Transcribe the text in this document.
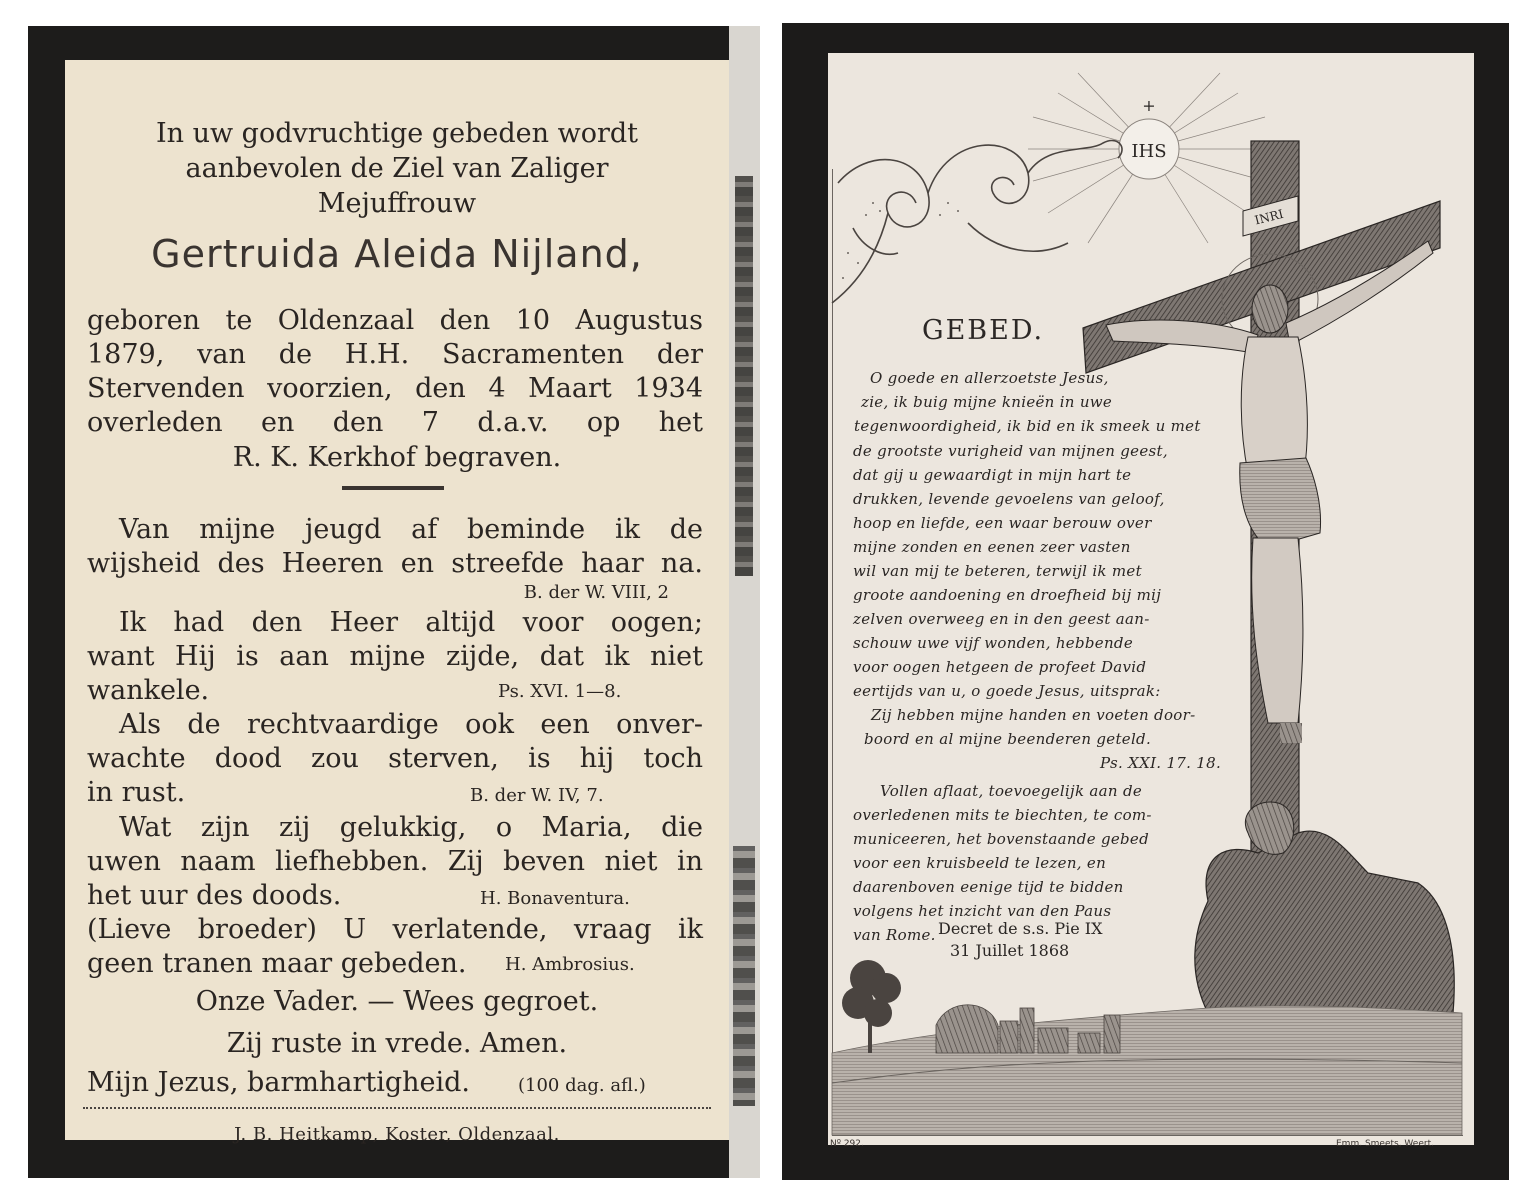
In uw godvruchtige gebeden wordt
aanbevolen de Ziel van Zaliger
Mejuffrouw
Gertruida Aleida Nijland,
geboren te Oldenzaal den 10 Augustus
1879, van de H.H. Sacramenten der
Stervenden voorzien, den 4 Maart 1934
overleden en den 7 d.a.v. op het
R. K. Kerkhof begraven.
Van mijne jeugd af beminde ik de
wijsheid des Heeren en streefde haar na.
B. der W. VIII, 2
Ik had den Heer altijd voor oogen;
want Hij is aan mijne zijde, dat ik niet
wankele.	Ps. XVI. 1—8.
Als de rechtvaardige ook een onver-
wachte dood zou sterven, is hij toch
in rust.	B. der W. IV, 7.
Wat zijn zij gelukkig, o Maria, die
uwen naam liefhebben. Zij beven niet in
het uur des doods.	H. Bonaventura.
(Lieve broeder) U verlatende, vraag ik
geen tranen maar gebeden.	H. Ambrosius.
Onze Vader. — Wees gegroet.
Zij ruste in vrede. Amen.
Mijn Jezus, barmhartigheid.	(100 dag. afl.)
J. B. Heitkamp, Koster, Oldenzaal.
+
IHS
INRI
GEBED.
O goede en allerzoetste Jesus,
zie, ik buig mijne knieën in uwe
tegenwoordigheid, ik bid en ik smeek u met
de grootste vurigheid van mijnen geest,
dat gij u gewaardigt in mijn hart te
drukken, levende gevoelens van geloof,
hoop en liefde, een waar berouw over
mijne zonden en eenen zeer vasten
wil van mij te beteren, terwijl ik met
groote aandoening en droefheid bij mij
zelven overweeg en in den geest aan-
schouw uwe vijf wonden, hebbende
voor oogen hetgeen de profeet David
eertijds van u, o goede Jesus, uitsprak:
Zij hebben mijne handen en voeten door-
boord en al mijne beenderen geteld.
Ps. XXI. 17. 18.
Vollen aflaat, toevoegelijk aan de
overledenen mits te biechten, te com-
municeeren, het bovenstaande gebed
voor een kruisbeeld te lezen, en
daarenboven eenige tijd te bidden
volgens het inzicht van den Paus
van Rome. Decret de s.s. Pie IX
31 Juillet 1868
Nº 292.	Emm. Smeets, Weert.
